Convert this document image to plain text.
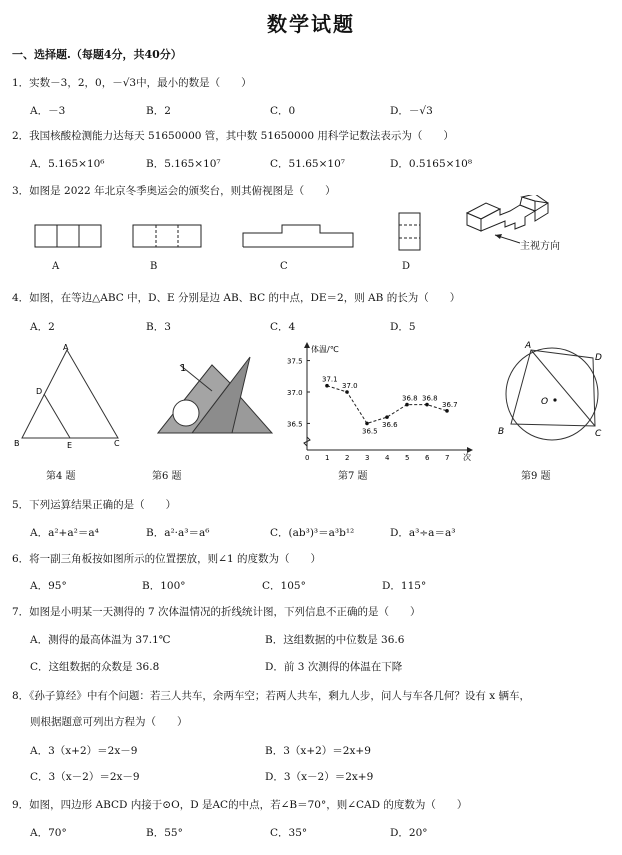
数学试题
一、选择题.（每题4分，共40分）
1．实数－3，2，0，－√3中，最小的数是（　　）
A．－3	B．2	C．0	D．－√3
2．我国核酸检测能力达每天 51650000 管，其中数 51650000 用科学记数法表示为（　　）
A．5.165×10⁶	B．5.165×10⁷	C．51.65×10⁷	D．0.5165×10⁸
3．如图是 2022 年北京冬季奥运会的颁奖台，则其俯视图是（　　）
主视方向
A	B	C	D
4．如图，在等边△ABC 中，D、E 分别是边 AB、BC 的中点，DE＝2，则 AB 的长为（　　）
A．2	B．3	C．4	D．5
A
D
B	E	C
1
体温/℃
次
36.5
37.0
37.5
0 1 2 3 4 5 6 7
37.1
37.0
36.5
36.6
36.8 36.8
36.7
A
D
C
B
O
第4 题	第6 题	第7 题	第9 题
5．下列运算结果正确的是（　　）
A．a²+a²＝a⁴	B．a²·a³＝a⁶	C．(ab³)³＝a³b¹²	D．a³÷a＝a³
6．将一副三角板按如图所示的位置摆放，则∠1 的度数为（　　）
A．95°	B．100°	C．105°	D．115°
7．如图是小明某一天测得的 7 次体温情况的折线统计图，下列信息不正确的是（　　）
A．测得的最高体温为 37.1℃	B．这组数据的中位数是 36.6
C．这组数据的众数是 36.8	D．前 3 次测得的体温在下降
8．《孙子算经》中有个问题：若三人共车，余两车空；若两人共车，剩九人步，问人与车各几何？设有 x 辆车，
则根据题意可列出方程为（　　）
A．3（x+2）＝2x－9	B．3（x+2）＝2x+9
C．3（x－2）＝2x－9	D．3（x－2）＝2x+9
9．如图，四边形 ABCD 内接于⊙O，D 是AC的中点，若∠B＝70°，则∠CAD 的度数为（　　）
A．70°	B．55°	C．35°	D．20°
